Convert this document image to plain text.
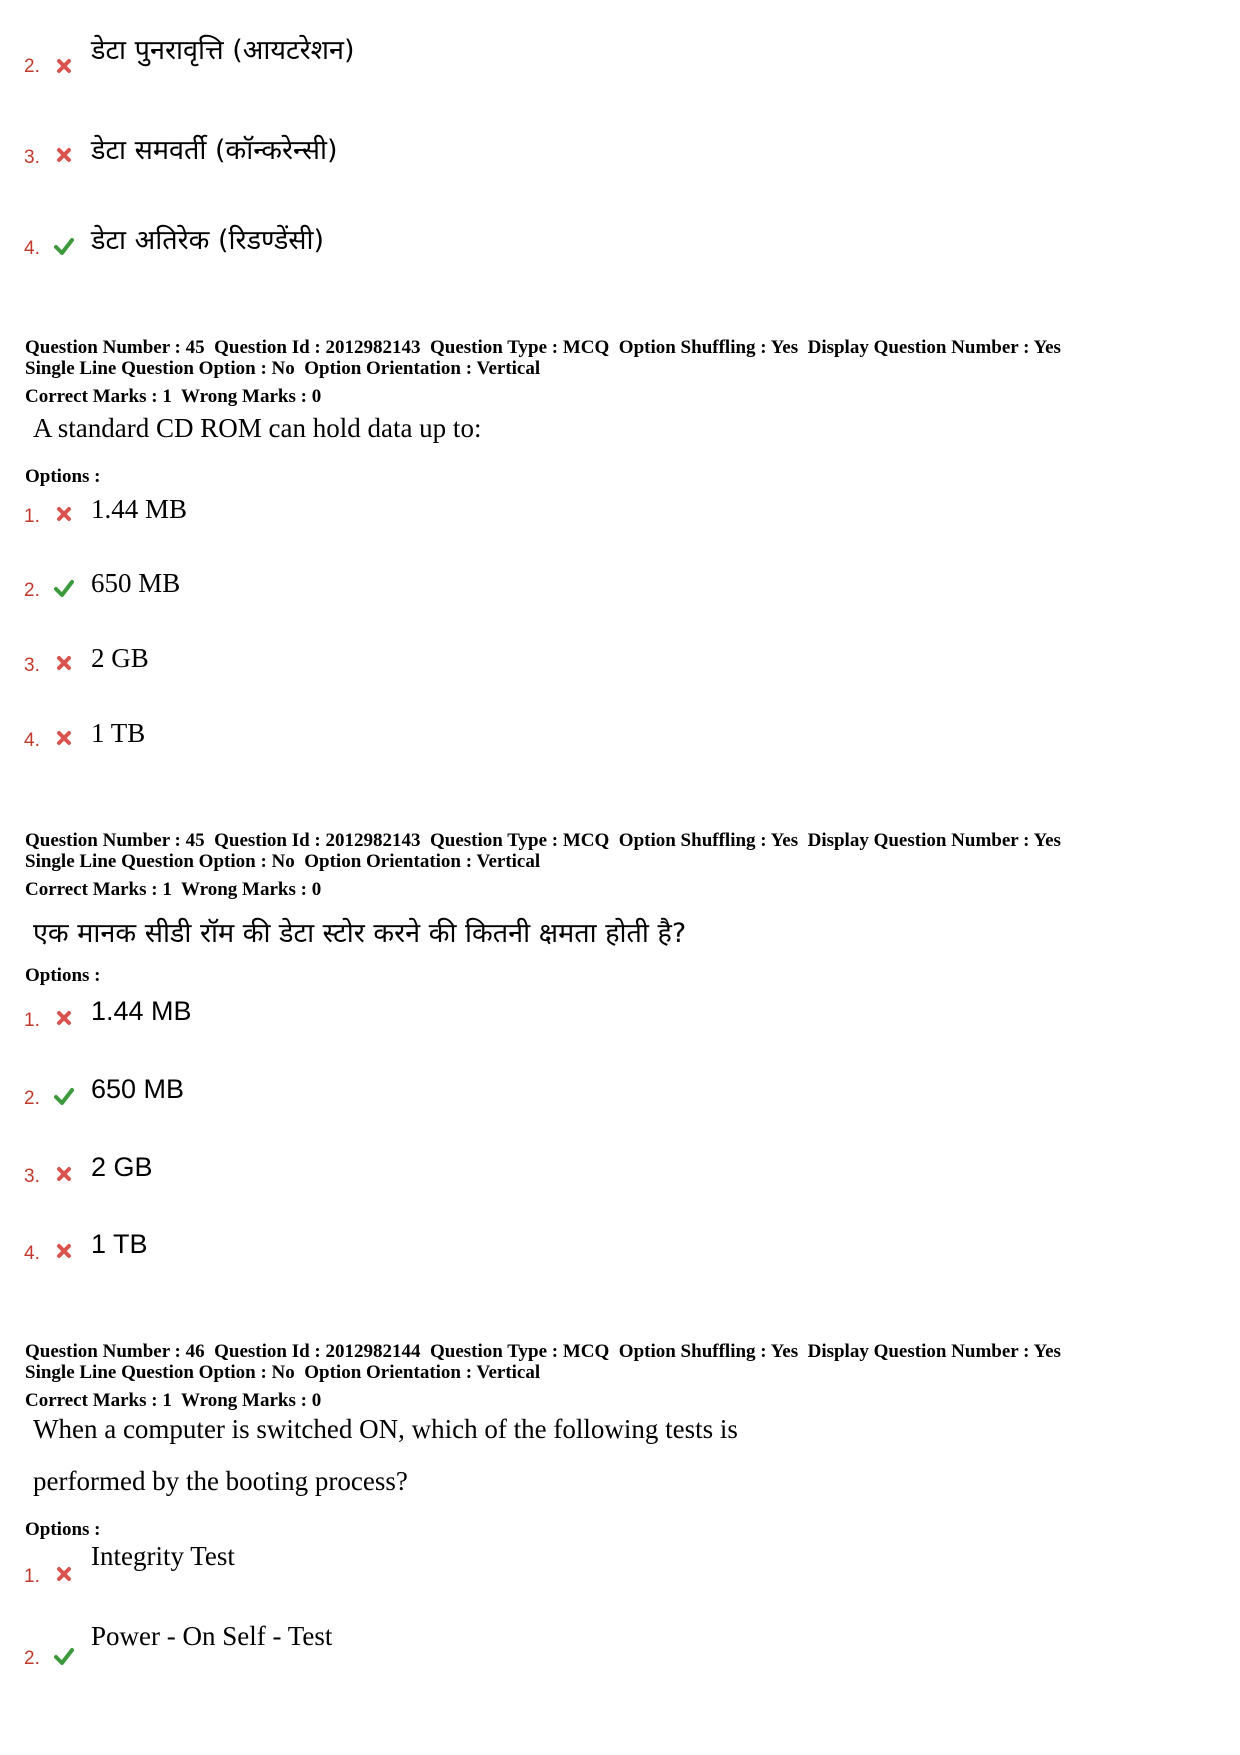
2.
डेटा पुनरावृत्ति (आयटरेशन)
3. डेटा समवर्ती (कॉन्करेन्सी)
4. डेटा अतिरेक (रिडण्डेंसी)
Question Number : 45  Question Id : 2012982143  Question Type : MCQ  Option Shuffling : Yes  Display Question Number : Yes
Single Line Question Option : No  Option Orientation : Vertical
Correct Marks : 1  Wrong Marks : 0
A standard CD ROM can hold data up to:
Options :
1. 1.44 MB
2. 650 MB
3. 2 GB
4. 1 TB
Question Number : 45  Question Id : 2012982143  Question Type : MCQ  Option Shuffling : Yes  Display Question Number : Yes
Single Line Question Option : No  Option Orientation : Vertical
Correct Marks : 1  Wrong Marks : 0
एक मानक सीडी रॉम की डेटा स्टोर करने की कितनी क्षमता होती है?
Options :
1. 1.44 MB
2. 650 MB
3. 2 GB
4. 1 TB
Question Number : 46  Question Id : 2012982144  Question Type : MCQ  Option Shuffling : Yes  Display Question Number : Yes
Single Line Question Option : No  Option Orientation : Vertical
Correct Marks : 1  Wrong Marks : 0
When a computer is switched ON, which of the following tests is
performed by the booting process?
Options :
1.
Integrity Test
2.
Power - On Self - Test
